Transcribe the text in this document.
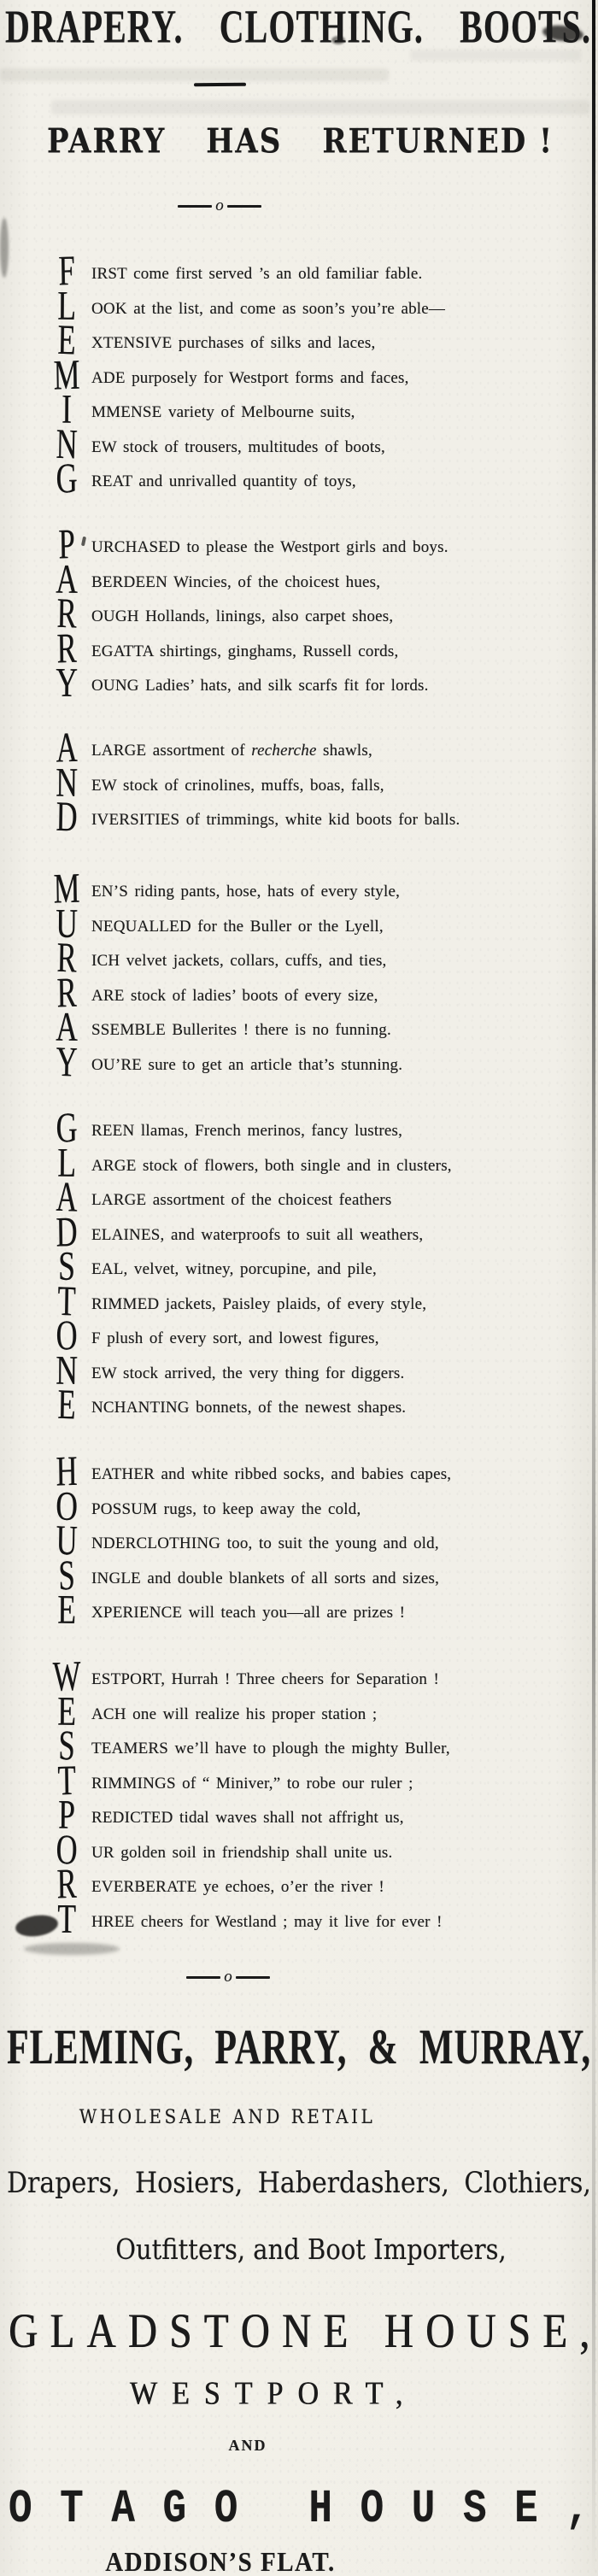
DRAPERY. CLOTHING. BOOTS.
PARRY HAS RETURNED !
o
F IRST come first served ’s an old familiar fable.
L OOK at the list, and come as soon’s you’re able—
E XTENSIVE purchases of silks and laces,
M ADE purposely for Westport forms and faces,
I	MMENSE variety of Melbourne suits,
N EW stock of trousers, multitudes of boots,
G REAT and unrivalled quantity of toys,
P URCHASED to please the Westport girls and boys.
A BERDEEN Wincies, of the choicest hues,
R OUGH Hollands, linings, also carpet shoes,
R EGATTA shirtings, ginghams, Russell cords,
Y OUNG Ladies’ hats, and silk scarfs fit for lords.
A LARGE assortment of recherche shawls,
N EW stock of crinolines, muffs, boas, falls,
D IVERSITIES of trimmings, white kid boots for balls.
M EN’S riding pants, hose, hats of every style,
U NEQUALLED for the Buller or the Lyell,
R ICH velvet jackets, collars, cuffs, and ties,
R ARE stock of ladies’ boots of every size,
A SSEMBLE Bullerites ! there is no funning.
Y OU’RE sure to get an article that’s stunning.
G REEN llamas, French merinos, fancy lustres,
L ARGE stock of flowers, both single and in clusters,
A LARGE assortment of the choicest feathers
D ELAINES, and waterproofs to suit all weathers,
S EAL, velvet, witney, porcupine, and pile,
T RIMMED jackets, Paisley plaids, of every style,
O F plush of every sort, and lowest figures,
N EW stock arrived, the very thing for diggers.
E NCHANTING bonnets, of the newest shapes.
H EATHER and white ribbed socks, and babies capes,
O POSSUM rugs, to keep away the cold,
U NDERCLOTHING too, to suit the young and old,
S INGLE and double blankets of all sorts and sizes,
E XPERIENCE will teach you—all are prizes !
W ESTPORT, Hurrah ! Three cheers for Separation !
E ACH one will realize his proper station ;
S TEAMERS we’ll have to plough the mighty Buller,
T RIMMINGS of “ Miniver,” to robe our ruler ;
P REDICTED tidal waves shall not affright us,
O UR golden soil in friendship shall unite us.
R EVERBERATE ye echoes, o’er the river !
T HREE cheers for Westland ; may it live for ever !
o
FLEMING, PARRY, & MURRAY,
WHOLESALE AND RETAIL
Drapers, Hosiers, Haberdashers, Clothiers,
Outfitters, and Boot Importers,
G L A D S T O N E
H O U S E ,
WESTPORT,
AND
O T A G O
H O U S E ,
ADDISON’S FLAT.
